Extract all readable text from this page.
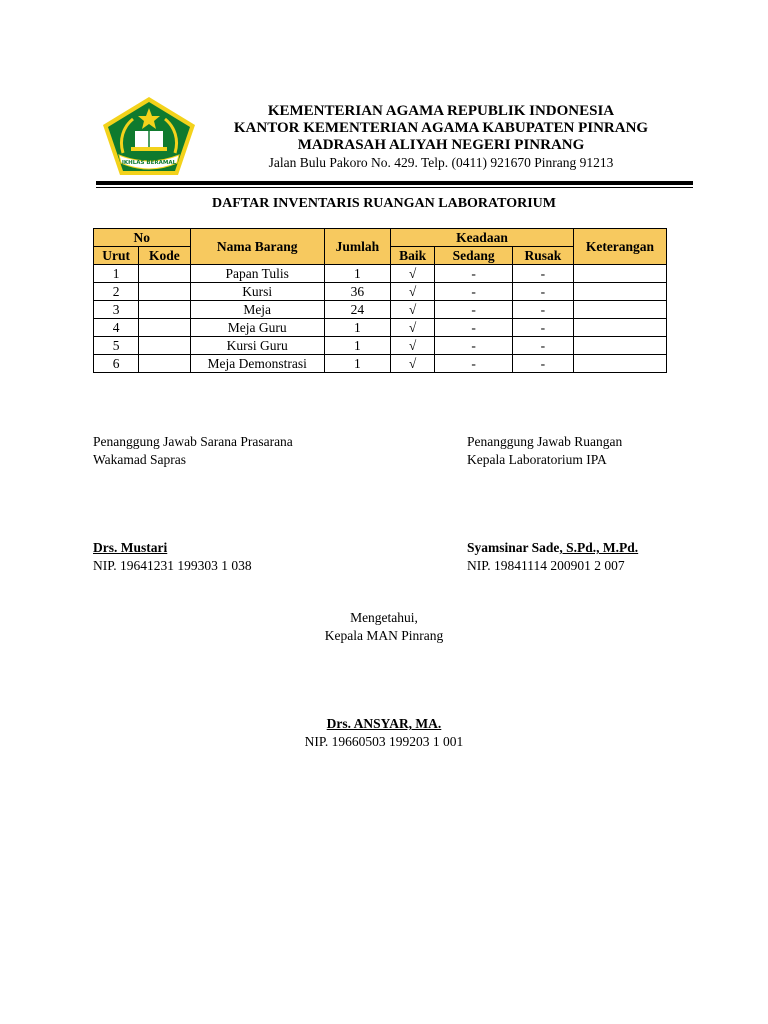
IKHLAS BERAMAL
KEMENTERIAN AGAMA REPUBLIK INDONESIA
KANTOR KEMENTERIAN AGAMA KABUPATEN PINRANG
MADRASAH ALIYAH NEGERI PINRANG
Jalan Bulu Pakoro No. 429. Telp. (0411) 921670 Pinrang 91213
DAFTAR INVENTARIS RUANGAN LABORATORIUM
No		Nama Barang	Jumlah	Keadaan			Keterangan
Urut	Kode			Baik	Sedang	Rusak	
1		Papan Tulis	1	√	-	-	
2		Kursi	36	√	-	-	
3		Meja	24	√	-	-	
4		Meja Guru	1	√	-	-	
5		Kursi Guru	1	√	-	-	
6		Meja Demonstrasi	1	√	-	-	
Penanggung Jawab Sarana Prasarana
Wakamad Sapras
Drs. Mustari
NIP. 19641231 199303 1 038
Penanggung Jawab Ruangan
Kepala Laboratorium IPA
Syamsinar Sade, S.Pd., M.Pd.
NIP. 19841114 200901 2 007
Mengetahui,
Kepala MAN Pinrang
Drs. ANSYAR, MA.
NIP. 19660503 199203 1 001
